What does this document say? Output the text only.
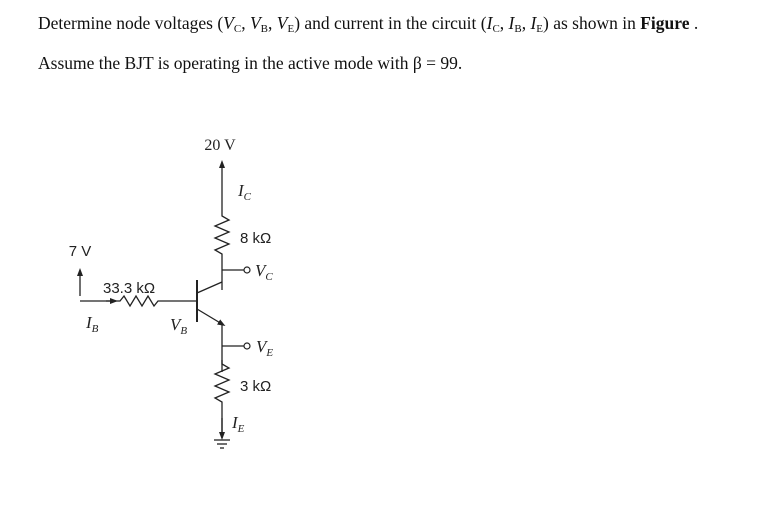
Determine node voltages ($V_C$, $V_B$, $V_E$) and current in the circuit ($I_C$, $I_B$, $I_E$) as shown in Figure .
Assume the BJT is operating in the active mode with β = 99.
20 V
$I_C$
8 kΩ
$V_C$
7 V
33.3 kΩ
$I_B$	$V_B$
$V_E$
3 kΩ
$I_E$
